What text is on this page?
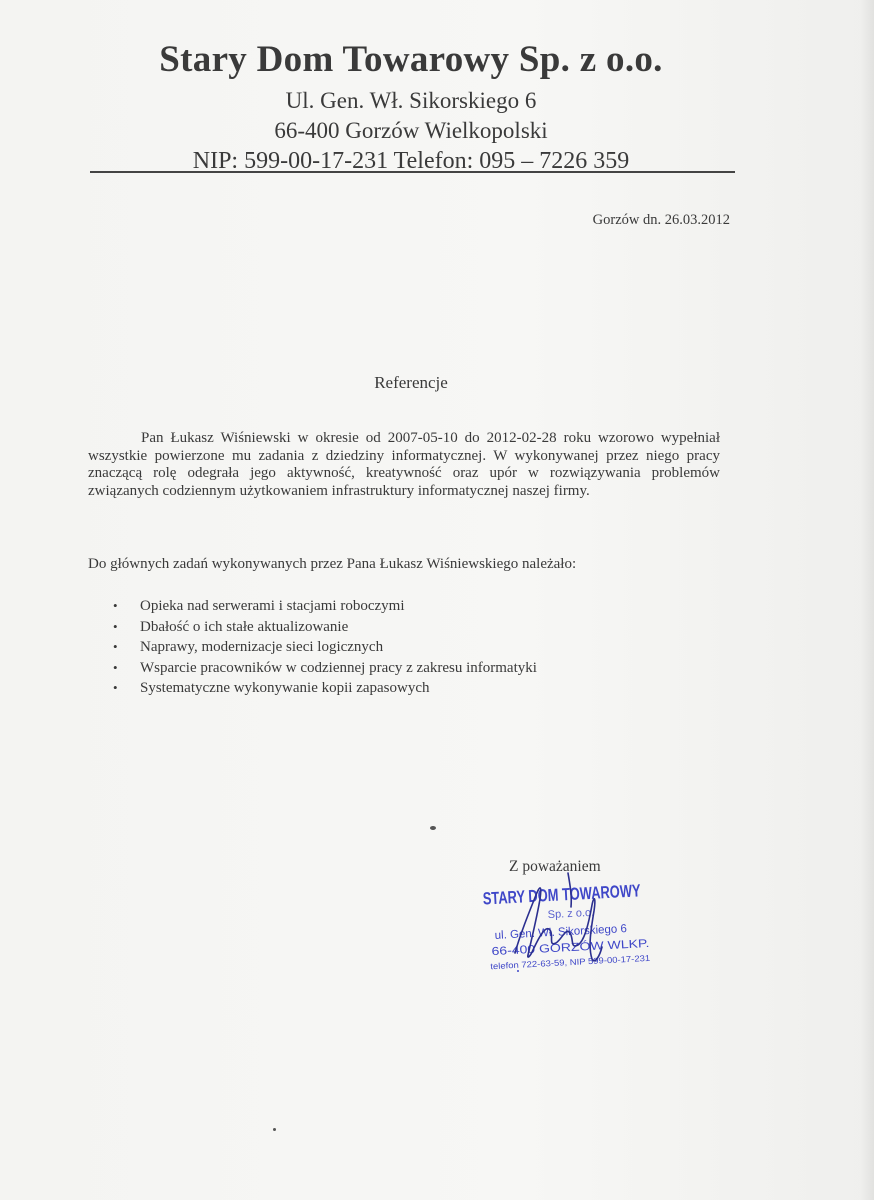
Stary Dom Towarowy Sp. z o.o.
Ul. Gen. Wł. Sikorskiego 6
66-400 Gorzów Wielkopolski
NIP: 599-00-17-231 Telefon: 095 – 7226 359
Gorzów dn. 26.03.2012
Referencje
Pan Łukasz Wiśniewski w okresie od 2007-05-10 do 2012-02-28 roku wzorowo wypełniał wszystkie powierzone mu zadania z dziedziny informatycznej. W wykonywanej przez niego pracy znaczącą rolę odegrała jego aktywność, kreatywność oraz upór w rozwiązywania problemów związanych codziennym użytkowaniem infrastruktury informatycznej naszej firmy.
Do głównych zadań wykonywanych przez Pana Łukasz Wiśniewskiego należało:
• Opieka nad serwerami i stacjami roboczymi
• Dbałość o ich stałe aktualizowanie
• Naprawy, modernizacje sieci logicznych
• Wsparcie pracowników w codziennej pracy z zakresu informatyki
• Systematyczne wykonywanie kopii zapasowych
Z poważaniem
STARY DOM TOWAROWY
Sp. z o.o.
ul. Gen. Wł. Sikorskiego 6
66-400 GORZÓW WLKP.
telefon 722-63-59, NIP 599-00-17-231
